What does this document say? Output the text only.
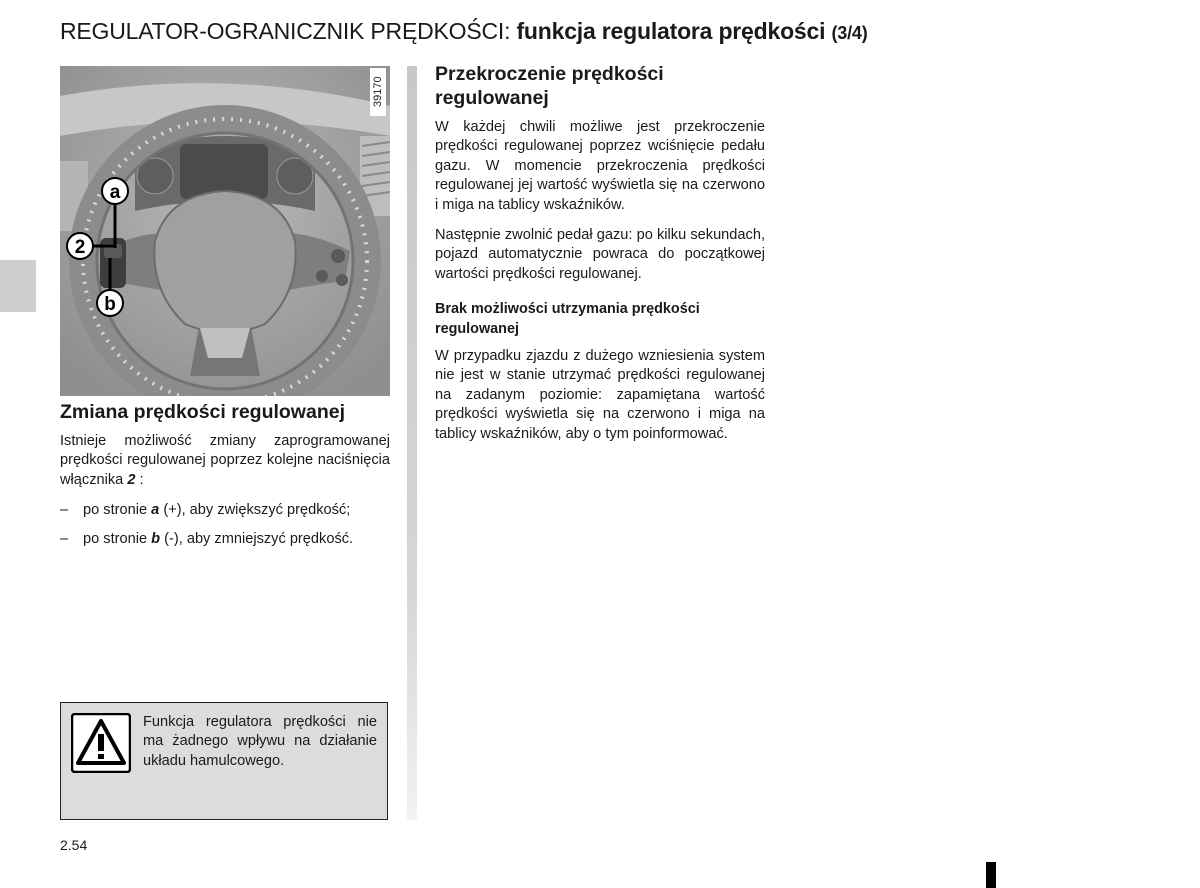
REGULATOR-OGRANICZNIK PRĘDKOŚCI: funkcja regulatora prędkości (3/4)
a
2
b
39170
Zmiana prędkości regulowanej

Istnieje możliwość zmiany zaprogramowanej prędkości regulowanej poprzez kolejne naciśnięcia włącznika 2 :

–	po stronie a (+), aby zwiększyć prędkość;
–	po stronie b (-), aby zmniejszyć prędkość.
Funkcja regulatora prędkości nie ma żadnego wpływu na działanie układu hamulcowego.
Przekroczenie prędkości regulowanej

W każdej chwili możliwe jest przekroczenie prędkości regulowanej poprzez wciśnięcie pedału gazu. W momencie przekroczenia prędkości regulowanej jej wartość wyświetla się na czerwono i miga na tablicy wskaźników.

Następnie zwolnić pedał gazu: po kilku sekundach, pojazd automatycznie powraca do początkowej wartości prędkości regulowanej.

Brak możliwości utrzymania prędkości regulowanej

W przypadku zjazdu z dużego wzniesienia system nie jest w stanie utrzymać prędkości regulowanej na zadanym poziomie: zapamiętana wartość prędkości wyświetla się na czerwono i miga na tablicy wskaźników, aby o tym poinformować.

2.54
